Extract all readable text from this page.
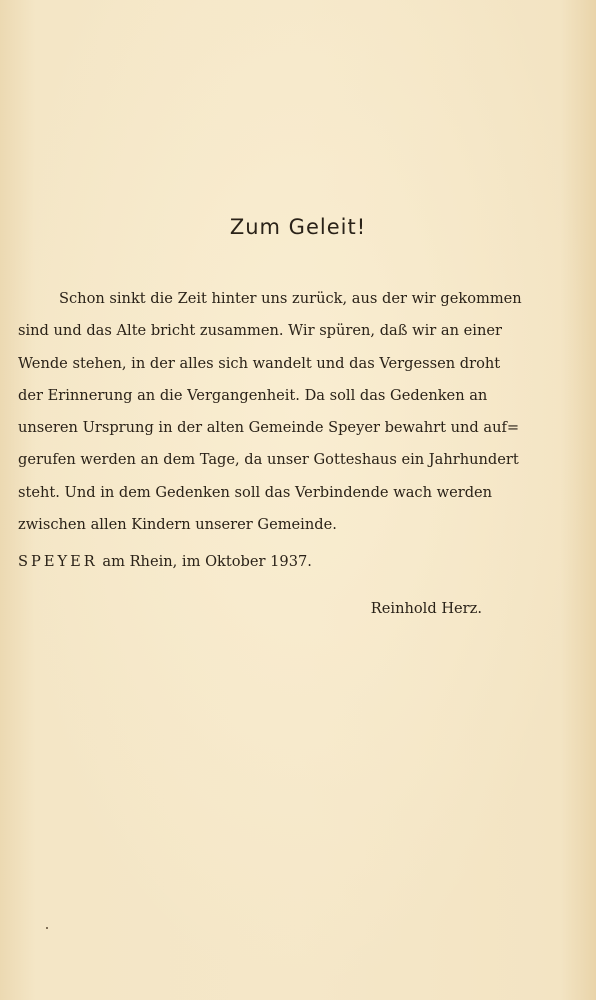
Zum Geleit!
Schon sinkt die Zeit hinter uns zurück, aus der wir gekommen
sind und das Alte bricht zusammen. Wir spüren, daß wir an einer
Wende stehen, in der alles sich wandelt und das Vergessen droht
der Erinnerung an die Vergangenheit. Da soll das Gedenken an
unseren Ursprung in der alten Gemeinde Speyer bewahrt und auf=
gerufen werden an dem Tage, da unser Gotteshaus ein Jahrhundert
steht. Und in dem Gedenken soll das Verbindende wach werden
zwischen allen Kindern unserer Gemeinde.
SPEYER am Rhein, im Oktober 1937.
Reinhold Herz.
